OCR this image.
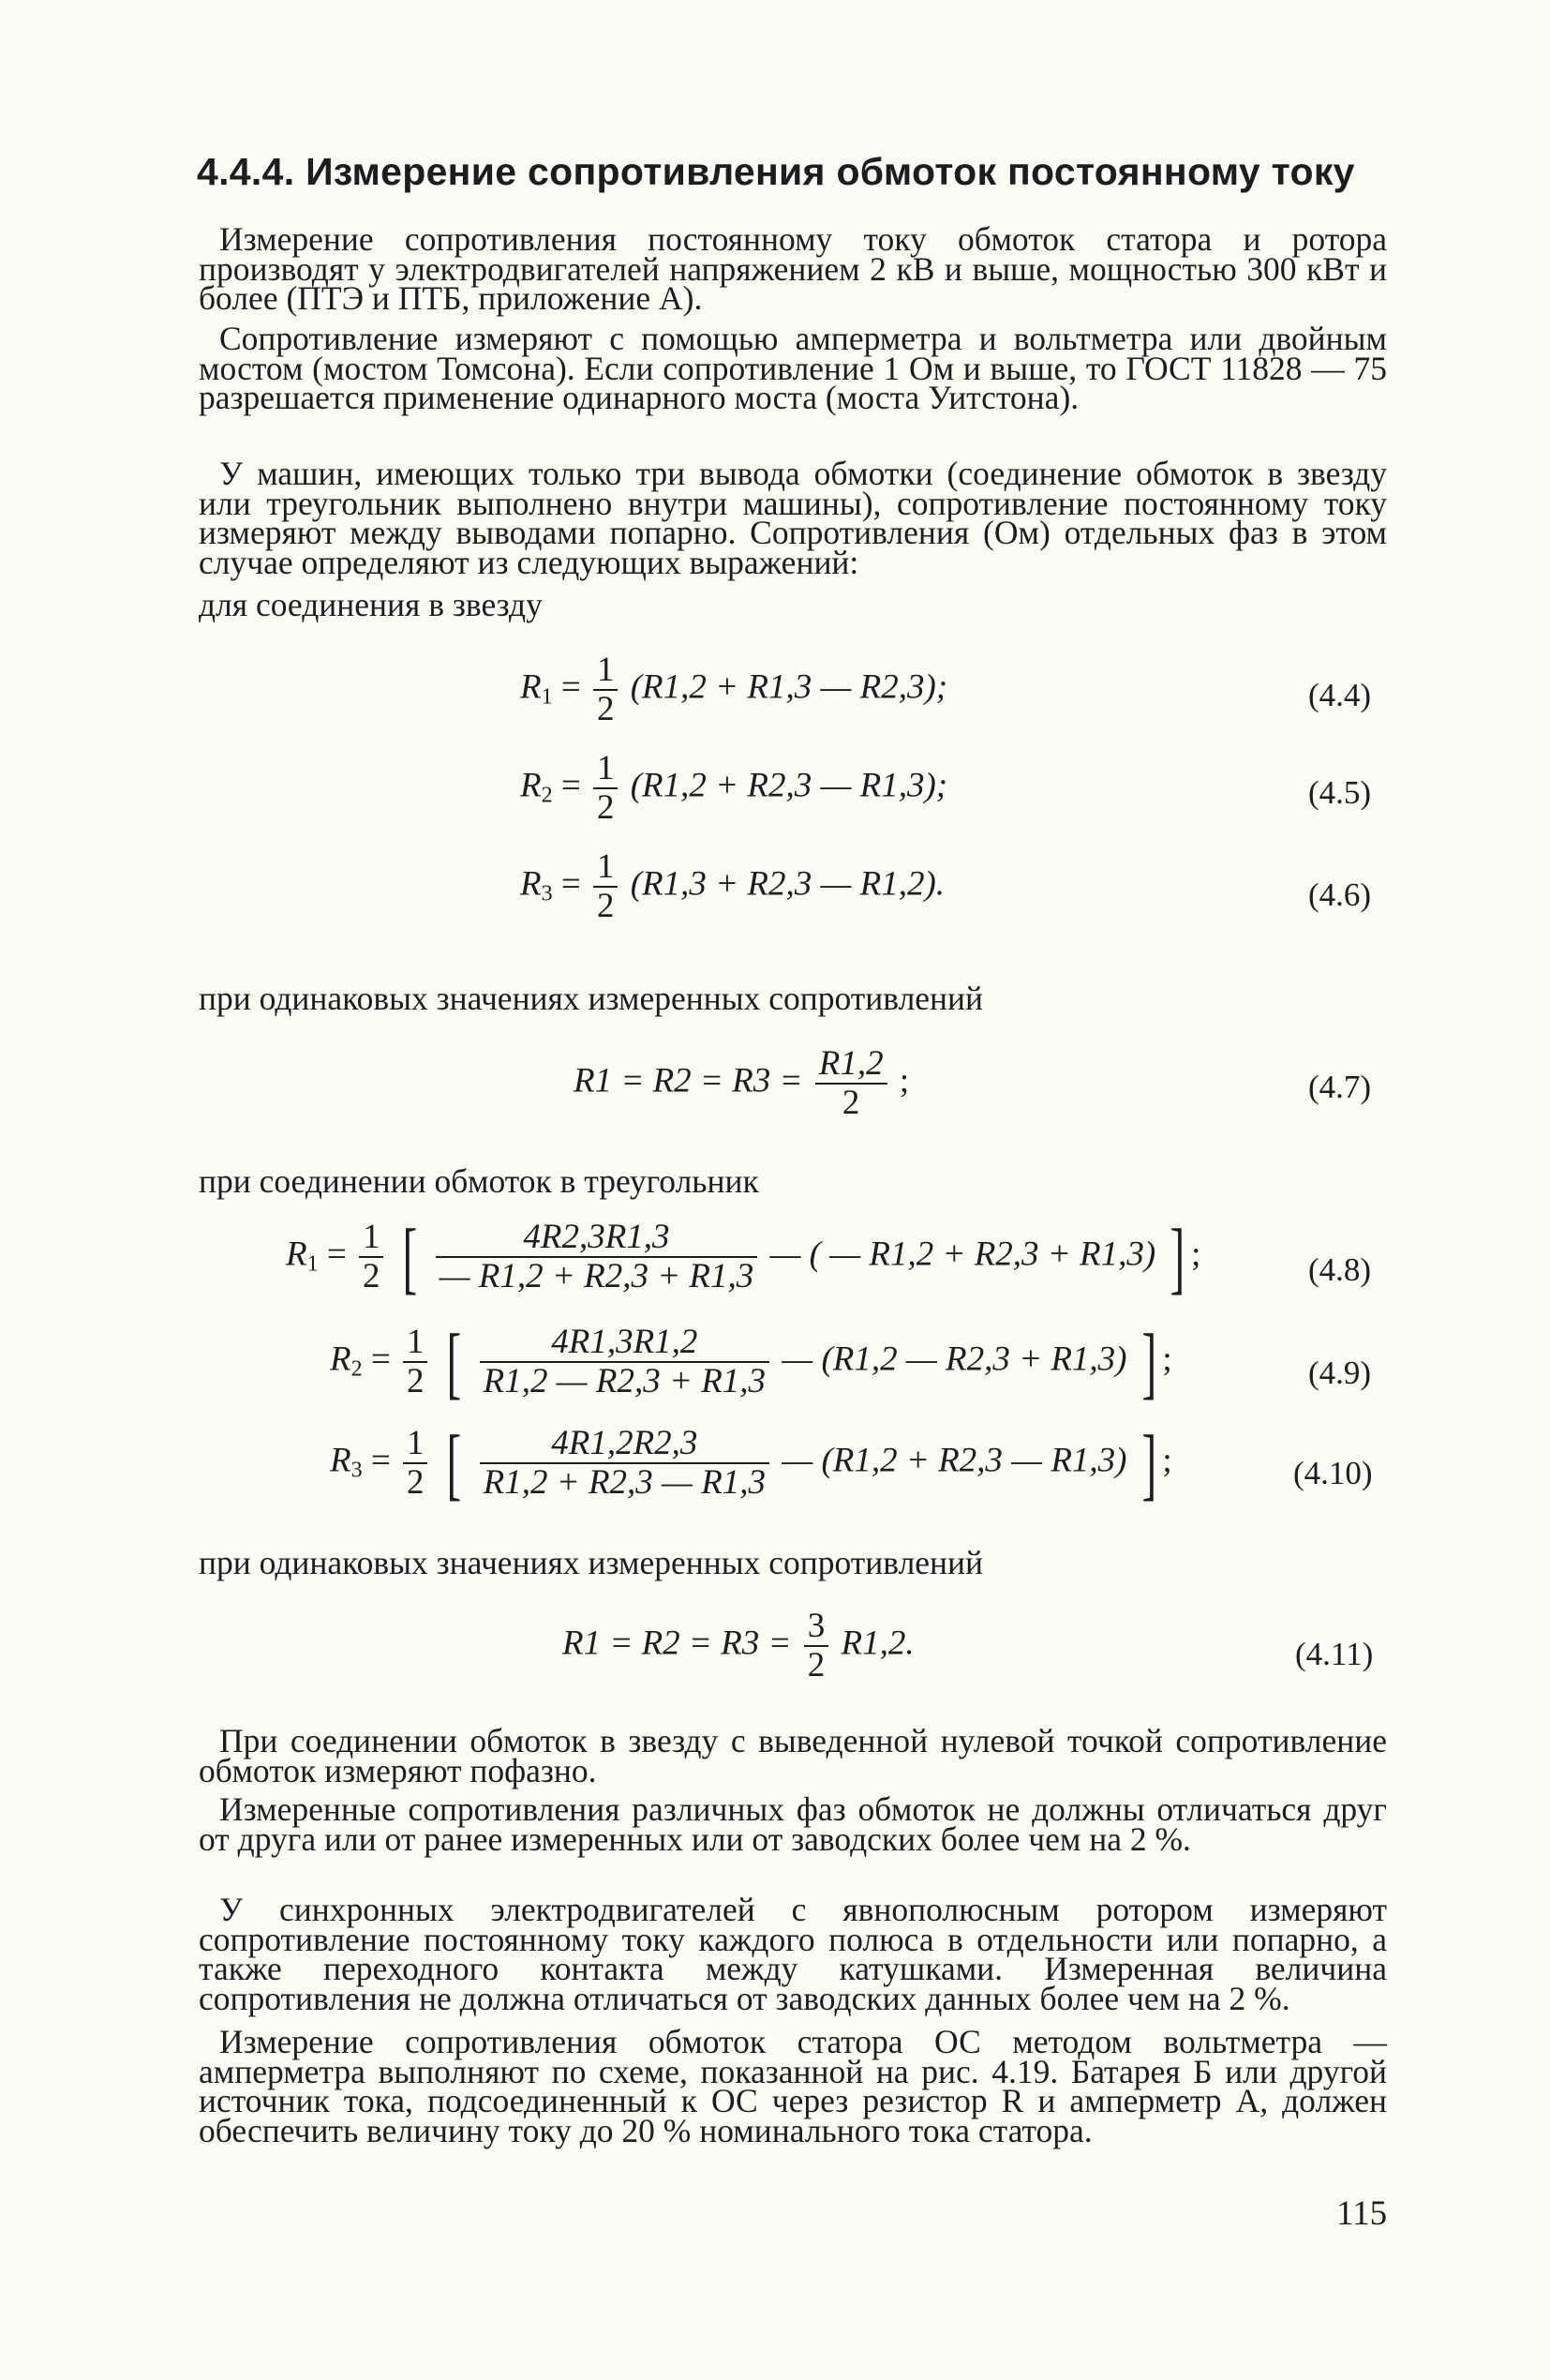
4.4.4. Измерение сопротивления обмоток постоянному току
Измерение сопротивления постоянному току обмоток статора и ротора производят у электродвигателей напряжением 2 кВ и выше, мощностью 300 кВт и более (ПТЭ и ПТБ, приложение А).
Сопротивление измеряют с помощью амперметра и вольтметра или двойным мостом (мостом Томсона). Если сопротивление 1 Ом и выше, то ГОСТ 11828 — 75 разрешается применение одинарного моста (моста Уитстона).
У машин, имеющих только три вывода обмотки (соединение обмоток в звезду или треугольник выполнено внутри машины), сопротивление постоянному току измеряют между выводами попарно. Сопротивления (Ом) отдельных фаз в этом случае определяют из следующих выражений:
для соединения в звезду
$R_1 = \frac{1}{2} (R1,2 + R1,3$ — R2,3);	(4.4)
$R_2 = \frac{1}{2} (R1,2 + R2,3$ — R1,3);	(4.5)
$R_3 = \frac{1}{2} (R1,3 + R2,3$ — R1,2).	(4.6)
при одинаковых значениях измеренных сопротивлений
$R1 = R2 = R3 = \frac{R1,2}{2}$ ;	(4.7)
при соединении обмоток в треугольник
$R_1 = \frac{1}{2}$ [ $\frac{4R2,3R1,3}{— R1,2 + R2,3 + R1,3}$ — ( — R1,2 + R2,3 + R1,3) ] ;	(4.8)
$R_2 = \frac{1}{2}$ [ $\frac{4R1,3R1,2}{R1,2 — R2,3 + R1,3}$ — (R1,2 — R2,3 + R1,3) ] ;	(4.9)
$R_3 = \frac{1}{2}$ [ $\frac{4R1,2R2,3}{R1,2 + R2,3 — R1,3}$ — (R1,2 + R2,3 — R1,3) ] ;	(4.10)
при одинаковых значениях измеренных сопротивлений
$R1 = R2 = R3 = \frac{3}{2} R1,2$.	(4.11)
При соединении обмоток в звезду с выведенной нулевой точкой сопротивление обмоток измеряют пофазно.
Измеренные сопротивления различных фаз обмоток не должны отличаться друг от друга или от ранее измеренных или от заводских более чем на 2 %.
У синхронных электродвигателей с явнополюсным ротором измеряют сопротивление постоянному току каждого полюса в отдельности или попарно, а также переходного контакта между катушками. Измеренная величина сопротивления не должна отличаться от заводских данных более чем на 2 %.
Измерение сопротивления обмоток статора ОС методом вольтметра — амперметра выполняют по схеме, показанной на рис. 4.19. Батарея Б или другой источник тока, подсоединенный к ОС через резистор R и амперметр А, должен обеспечить величину току до 20 % номинального тока статора.
115
